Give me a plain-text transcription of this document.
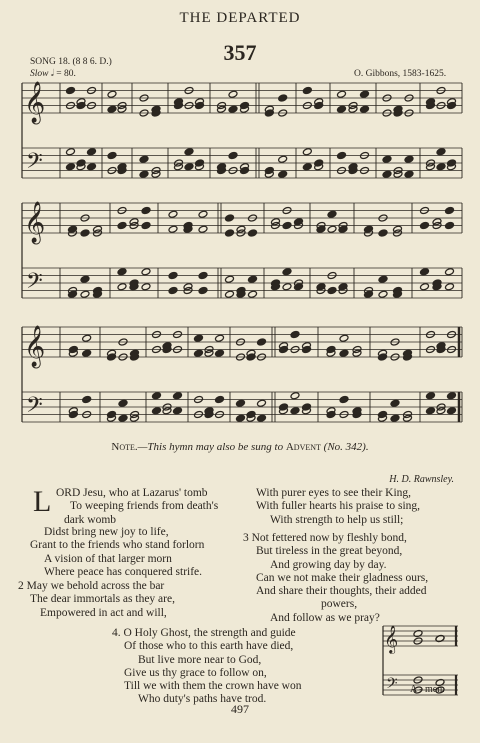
THE DEPARTED
357
SONG 18. (8 8 6. D.)
Slow 𝅗𝅥 = 80.	O. Gibbons, 1583-1625.
𝄞
𝄢
𝄞
𝄢
𝄞
𝄢
Note.—This hymn may also be sung to Advent (No. 342).
H. D. Rawnsley.
L ORD Jesu, who at Lazarus' tomb
To weeping friends from death's
dark womb
Didst bring new joy to life,
Grant to the friends who stand forlorn
A vision of that larger morn
Where peace has conquered strife.
2 May we behold across the bar
The dear immortals as they are,
Empowered in act and will,
With purer eyes to see their King,
With fuller hearts his praise to sing,
With strength to help us still;
3 Not fettered now by fleshly bond,
But tireless in the great beyond,
And growing day by day.
Can we not make their gladness ours,
And share their thoughts, their added
powers,
And follow as we pray?
4. O Holy Ghost, the strength and guide
Of those who to this earth have died,
But live more near to God,
Give us thy grace to follow on,
Till we with them the crown have won
Who duty's paths have trod.
𝄞
𝄢 A - men.
497
